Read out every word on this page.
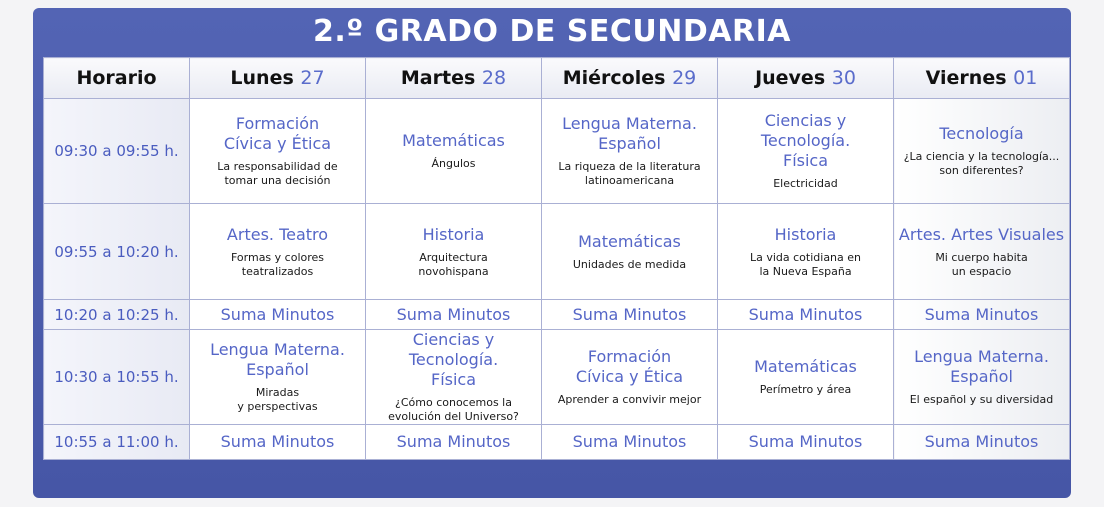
2.º GRADO DE SECUNDARIA
Horario	Lunes 27	Martes 28	Miércoles 29	Jueves 30	Viernes 01
09:30 a 09:55 h.	Formación
Cívica y Ética
La responsabilidad de
tomar una decisión	Matemáticas
Ángulos	Lengua Materna.
Español
La riqueza de la literatura
latinoamericana	Ciencias y Tecnología.
Física
Electricidad	Tecnología
¿La ciencia y la tecnología...
son diferentes?

09:55 a 10:20 h.	Artes. Teatro
Formas y colores
teatralizados	Historia
Arquitectura
novohispana	Matemáticas
Unidades de medida	Historia
La vida cotidiana en
la Nueva España	Artes. Artes Visuales
Mi cuerpo habita
un espacio

10:20 a 10:25 h.	Suma Minutos	Suma Minutos	Suma Minutos	Suma Minutos	Suma Minutos

10:30 a 10:55 h.	Lengua Materna.
Español
Miradas
y perspectivas	Ciencias y Tecnología.
Física
¿Cómo conocemos la
evolución del Universo?	Formación
Cívica y Ética
Aprender a convivir mejor	Matemáticas
Perímetro y área	Lengua Materna.
Español
El español y su diversidad

10:55 a 11:00 h.	Suma Minutos	Suma Minutos	Suma Minutos	Suma Minutos	Suma Minutos
